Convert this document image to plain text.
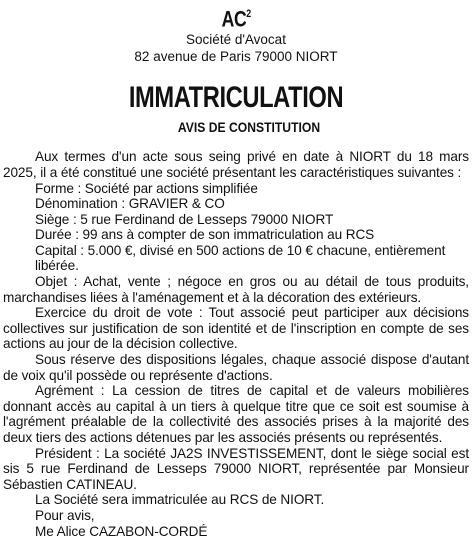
$AC^2$
Société d'Avocat
82 avenue de Paris 79000 NIORT
IMMATRICULATION
AVIS DE CONSTITUTION

Aux termes d'un acte sous seing privé en date à NIORT du 18 mars 2025, il a été constitué une société présentant les caractéristiques suivantes :

Forme : Société par actions simplifiée

Dénomination : GRAVIER & CO

Siège : 5 rue Ferdinand de Lesseps 79000 NIORT

Durée : 99 ans à compter de son immatriculation au RCS

Capital : 5.000 €, divisé en 500 actions de 10 € chacune, entièrement libérée.

Objet : Achat, vente ; négoce en gros ou au détail de tous produits, marchandises liées à l'aménagement et à la décoration des extérieurs.

Exercice du droit de vote : Tout associé peut participer aux décisions collectives sur justification de son identité et de l'inscription en compte de ses actions au jour de la décision collective.

Sous réserve des dispositions légales, chaque associé dispose d'autant de voix qu'il possède ou représente d'actions.

Agrément : La cession de titres de capital et de valeurs mobilières donnant accès au capital à un tiers à quelque titre que ce soit est soumise à l'agrément préalable de la collectivité des associés prises à la majorité des deux tiers des actions détenues par les associés présents ou représentés.

Président : La société JA2S INVESTISSEMENT, dont le siège social est sis 5 rue Ferdinand de Lesseps 79000 NIORT, représentée par Monsieur Sébastien CATINEAU.

La Société sera immatriculée au RCS de NIORT.

Pour avis,

Me Alice CAZABON-CORDÉ
